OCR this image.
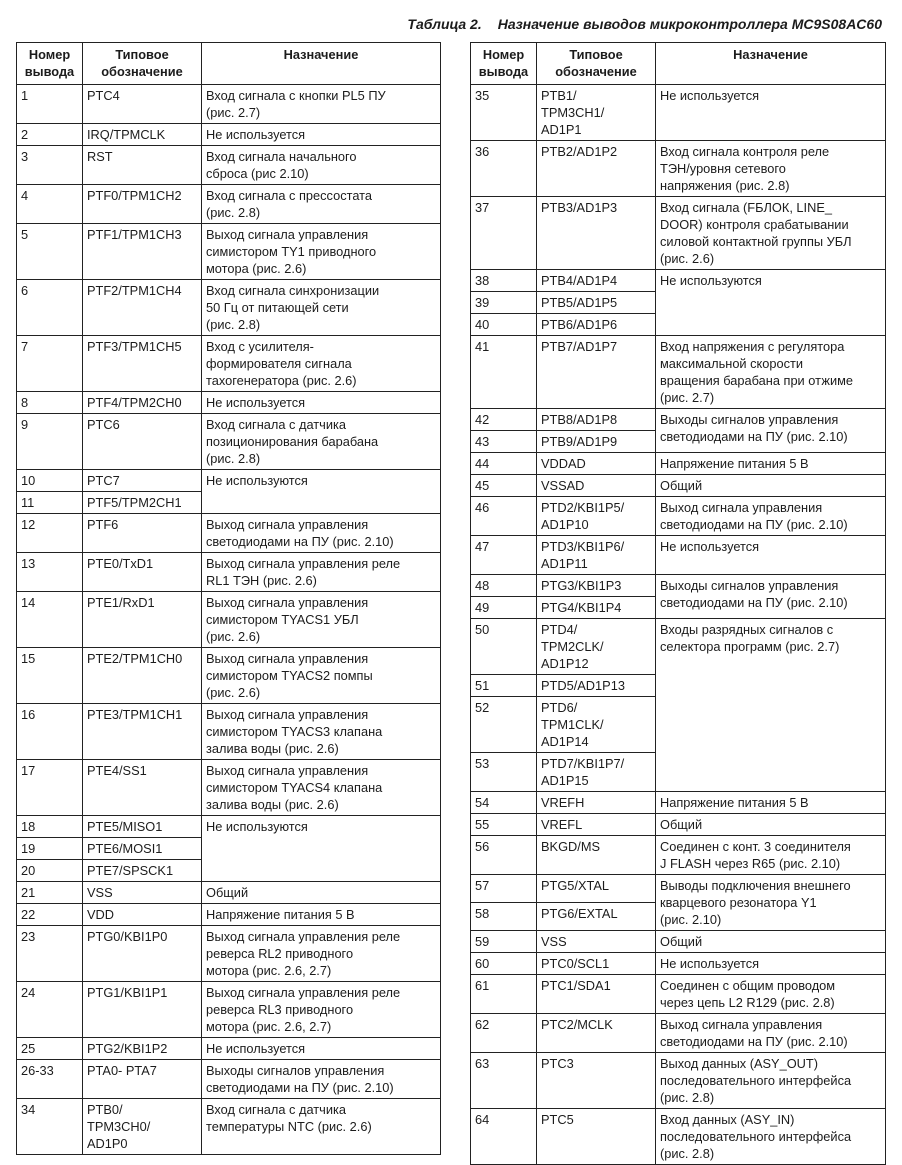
Таблица 2. Назначение выводов микроконтроллера MC9S08AC60
Номер
вывода	Типовое
обозначение	Назначение
1	PTC4	Вход сигнала с кнопки PL5 ПУ
(рис. 2.7)
2	IRQ/TPMCLK	Не используется
3	RST	Вход сигнала начального
сброса (рис 2.10)
4	PTF0/TPM1CH2	Вход сигнала с прессостата
(рис. 2.8)
5	PTF1/TPM1CH3	Выход сигнала управления
симистором TY1 приводного
мотора (рис. 2.6)
6	PTF2/TPM1CH4	Вход сигнала синхронизации
50 Гц от питающей сети
(рис. 2.8)
7	PTF3/TPM1CH5	Вход с усилителя-
формирователя сигнала
тахогенератора (рис. 2.6)
8	PTF4/TPM2CH0	Не используется
9	PTC6	Вход сигнала с датчика
позиционирования барабана
(рис. 2.8)
10	PTC7	Не используются
11	PTF5/TPM2CH1	
12	PTF6	Выход сигнала управления
светодиодами на ПУ (рис. 2.10)
13	PTE0/TxD1	Выход сигнала управления реле
RL1 ТЭН (рис. 2.6)
14	PTE1/RxD1	Выход сигнала управления
симистором TYACS1 УБЛ
(рис. 2.6)
15	PTE2/TPM1CH0	Выход сигнала управления
симистором TYACS2 помпы
(рис. 2.6)
16	PTE3/TPM1CH1	Выход сигнала управления
симистором TYACS3 клапана
залива воды (рис. 2.6)
17	PTE4/SS1	Выход сигнала управления
симистором TYACS4 клапана
залива воды (рис. 2.6)
18	PTE5/MISO1	Не используются
19	PTE6/MOSI1	
20	PTE7/SPSCK1	
21	VSS	Общий
22	VDD	Напряжение питания 5 В
23	PTG0/KBI1P0	Выход сигнала управления реле
реверса RL2 приводного
мотора (рис. 2.6, 2.7)
24	PTG1/KBI1P1	Выход сигнала управления реле
реверса RL3 приводного
мотора (рис. 2.6, 2.7)
25	PTG2/KBI1P2	Не используется
26-33	PTA0- PTA7	Выходы сигналов управления
светодиодами на ПУ (рис. 2.10)
34	PTB0/
TPM3CH0/
AD1P0	Вход сигнала с датчика
температуры NTC (рис. 2.6)
Номер
вывода	Типовое
обозначение	Назначение
35	PTB1/
TPM3CH1/
AD1P1	Не используется
36	PTB2/AD1P2	Вход сигнала контроля реле
ТЭН/уровня сетевого
напряжения (рис. 2.8)
37	PTB3/AD1P3	Вход сигнала (FБЛОК, LINE_
DOOR) контроля срабатывании
силовой контактной группы УБЛ
(рис. 2.6)
38	PTB4/AD1P4	Не используются
39	PTB5/AD1P5	
40	PTB6/AD1P6	
41	PTB7/AD1P7	Вход напряжения с регулятора
максимальной скорости
вращения барабана при отжиме
(рис. 2.7)
42	PTB8/AD1P8	Выходы сигналов управления
светодиодами на ПУ (рис. 2.10)
43	PTB9/AD1P9	
44	VDDAD	Напряжение питания 5 В
45	VSSAD	Общий
46	PTD2/KBI1P5/
AD1P10	Выход сигнала управления
светодиодами на ПУ (рис. 2.10)
47	PTD3/KBI1P6/
AD1P11	Не используется
48	PTG3/KBI1P3	Выходы сигналов управления
светодиодами на ПУ (рис. 2.10)
49	PTG4/KBI1P4	
50	PTD4/
TPM2CLK/
AD1P12	Входы разрядных сигналов с
селектора программ (рис. 2.7)
51	PTD5/AD1P13	
52	PTD6/
TPM1CLK/
AD1P14	
53	PTD7/KBI1P7/
AD1P15	
54	VREFH	Напряжение питания 5 В
55	VREFL	Общий
56	BKGD/MS	Соединен с конт. 3 соединителя
J FLASH через R65 (рис. 2.10)
57	PTG5/XTAL	Выводы подключения внешнего
кварцевого резонатора Y1
(рис. 2.10)
58	PTG6/EXTAL	
59	VSS	Общий
60	PTC0/SCL1	Не используется
61	PTC1/SDA1	Соединен с общим проводом
через цепь L2 R129 (рис. 2.8)
62	PTC2/MCLK	Выход сигнала управления
светодиодами на ПУ (рис. 2.10)
63	PTC3	Выход данных (ASY_OUT)
последовательного интерфейса
(рис. 2.8)
64	PTC5	Вход данных (ASY_IN)
последовательного интерфейса
(рис. 2.8)
